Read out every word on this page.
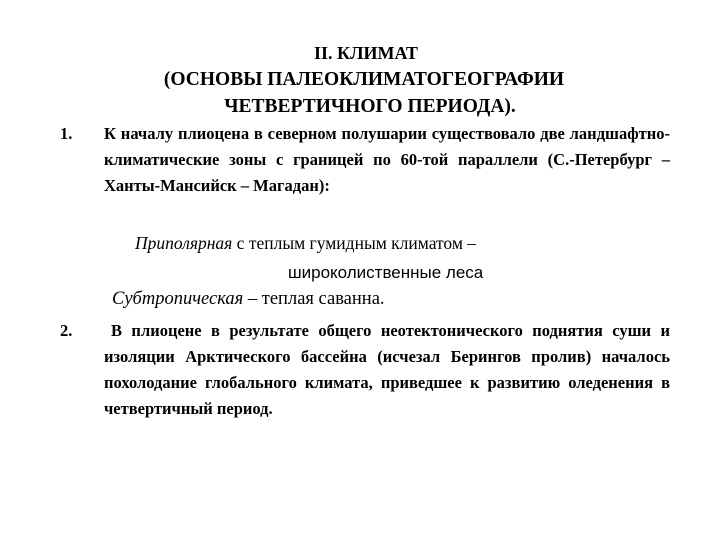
II. КЛИМАТ
(ОСНОВЫ ПАЛЕОКЛИМАТОГЕОГРАФИИ
ЧЕТВЕРТИЧНОГО ПЕРИОДА).
1. К началу плиоцена в северном полушарии существовало две ландшафтно-климатические зоны с границей по 60-той параллели (С.-Петербург – Ханты-Мансийск – Магадан):
Приполярная с теплым гумидным климатом –
широколиственные леса
Субтропическая – теплая саванна.
2.	В плиоцене в результате общего неотектонического поднятия суши и изоляции Арктического бассейна (исчезал Берингов пролив) началось похолодание глобального климата, приведшее к развитию оледенения в четвертичный период.
